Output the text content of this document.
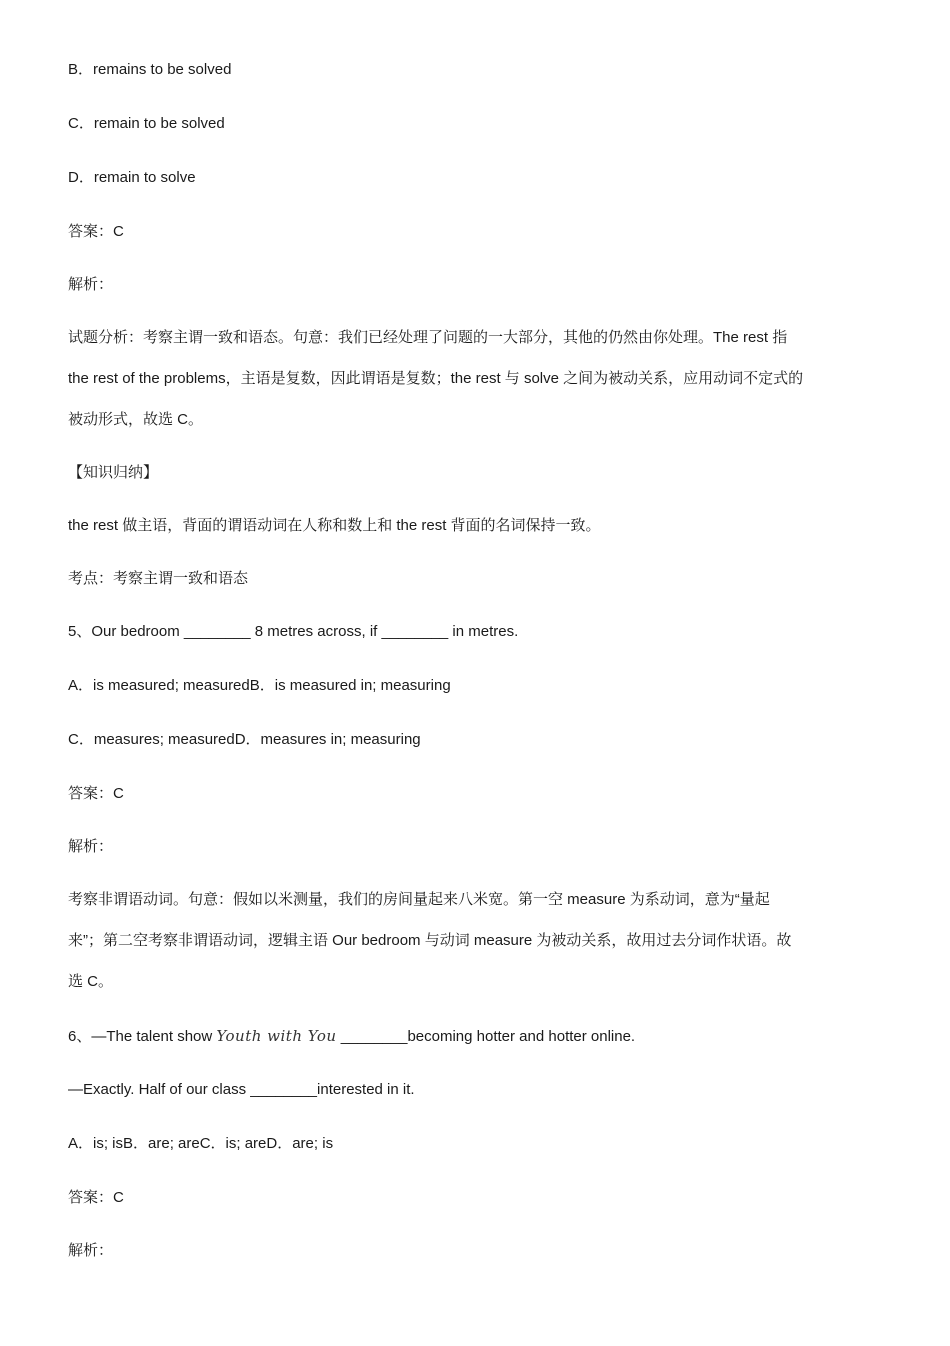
B．remains to be solved
C．remain to be solved
D．remain to solve
答案：C
解析：
试题分析：考察主谓一致和语态。句意：我们已经处理了问题的一大部分，其他的仍然由你处理。The rest 指
the rest of the problems，主语是复数，因此谓语是复数；the rest 与 solve 之间为被动关系，应用动词不定式的
被动形式，故选 C。
【知识归纳】
the rest 做主语，背面的谓语动词在人称和数上和 the rest 背面的名词保持一致。
考点：考察主谓一致和语态
5、Our bedroom ________ 8 metres across, if ________ in metres.
A．is measured; measuredB．is measured in; measuring
C．measures; measuredD．measures in; measuring
答案：C
解析：
考察非谓语动词。句意：假如以米测量，我们的房间量起来八米宽。第一空 measure 为系动词，意为“量起
来”；第二空考察非谓语动词，逻辑主语 Our bedroom 与动词 measure 为被动关系，故用过去分词作状语。故
选 C。
6、—The talent show Youth with You ________becoming hotter and hotter online.
—Exactly. Half of our class ________interested in it.
A．is; isB．are; areC．is; areD．are; is
答案：C
解析：
